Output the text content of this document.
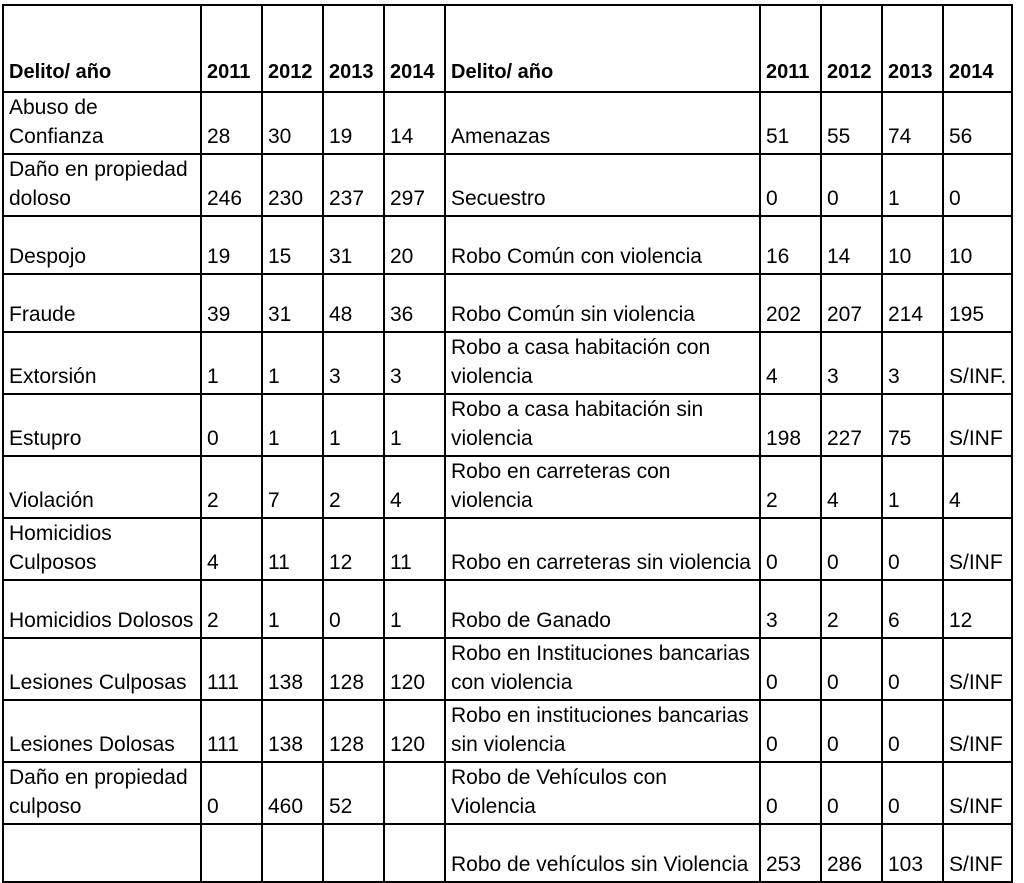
Delito/ año	2011	2012	2013	2014	Delito/ año	2011	2012	2013	2014
Abuso de Confianza	28	30	19	14	Amenazas	51	55	74	56
Daño en propiedad doloso	246	230	237	297	Secuestro	0	0	1	0
Despojo	19	15	31	20	Robo Común con violencia	16	14	10	10
Fraude	39	31	48	36	Robo Común sin violencia	202	207	214	195
Extorsión	1	1	3	3	Robo a casa habitación con violencia	4	3	3	S/INF.
Estupro	0	1	1	1	Robo a casa habitación sin violencia	198	227	75	S/INF
Violación	2	7	2	4	Robo en carreteras con violencia	2	4	1	4
Homicidios Culposos	4	11	12	11	Robo en carreteras sin violencia	0	0	0	S/INF
Homicidios Dolosos	2	1	0	1	Robo de Ganado	3	2	6	12
Lesiones Culposas	111	138	128	120	Robo en Instituciones bancarias con violencia	0	0	0	S/INF
Lesiones Dolosas	111	138	128	120	Robo en instituciones bancarias sin violencia	0	0	0	S/INF
Daño en propiedad culposo	0	460	52		Robo de Vehículos con Violencia	0	0	0	S/INF
					Robo de vehículos sin Violencia	253	286	103	S/INF
